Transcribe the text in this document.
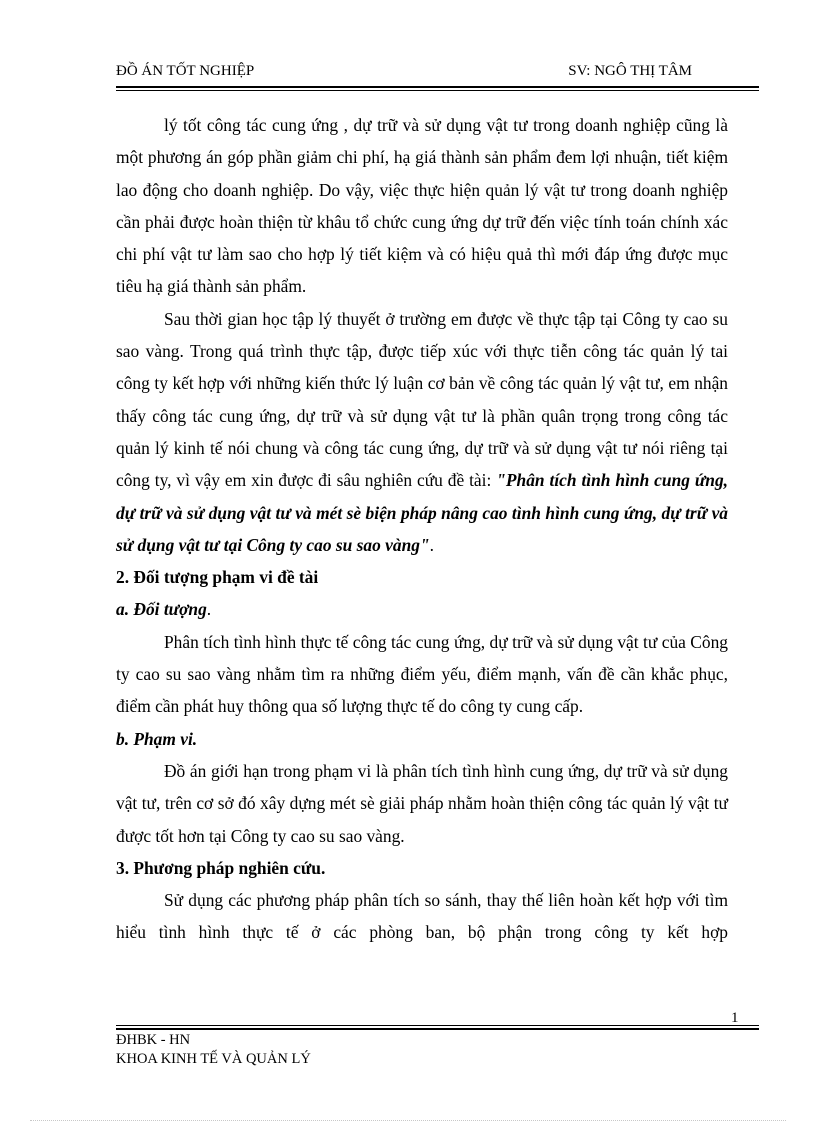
ĐỒ ÁN TỐT NGHIỆP	SV: NGÔ THỊ TÂM

lý tốt công tác cung ứng , dự trữ và sử dụng vật tư trong doanh nghiệp cũng là một phương án góp phần giảm chi phí, hạ giá thành sản phẩm đem lợi nhuận, tiết kiệm lao động cho doanh nghiệp. Do vậy, việc thực hiện quản lý vật tư trong doanh nghiệp cần phải được hoàn thiện từ khâu tổ chức cung ứng dự trữ đến việc tính toán chính xác chi phí vật tư làm sao cho hợp lý tiết kiệm và có hiệu quả thì mới đáp ứng được mục tiêu hạ giá thành sản phẩm.

Sau thời gian học tập lý thuyết ở trường em được về thực tập tại Công ty cao su sao vàng. Trong quá trình thực tập, được tiếp xúc với thực tiễn công tác quản lý tai công ty kết hợp với những kiến thức lý luận cơ bản về công tác quản lý vật tư, em nhận thấy công tác cung ứng, dự trữ và sử dụng vật tư là phần quân trọng trong công tác quản lý kinh tế nói chung và công tác cung ứng, dự trữ và sử dụng vật tư nói riêng tại công ty, vì vậy em xin được đi sâu nghiên cứu đề tài: "Phân tích tình hình cung ứng, dự trữ và sử dụng vật tư và mét sè biện pháp nâng cao tình hình cung ứng, dự trữ và sử dụng vật tư tại Công ty cao su sao vàng".

2. Đối tượng phạm vi đề tài

a. Đối tượng.

Phân tích tình hình thực tế công tác cung ứng, dự trữ và sử dụng vật tư của Công ty cao su sao vàng nhằm tìm ra những điểm yếu, điểm mạnh, vấn đề cần khắc phục, điểm cần phát huy thông qua số lượng thực tế do công ty cung cấp.

b. Phạm vi.

Đồ án giới hạn trong phạm vi là phân tích tình hình cung ứng, dự trữ và sử dụng vật tư, trên cơ sở đó xây dựng mét sè giải pháp nhằm hoàn thiện công tác quản lý vật tư được tốt hơn tại Công ty cao su sao vàng.

3. Phương pháp nghiên cứu.

Sử dụng các phương pháp phân tích so sánh, thay thế liên hoàn kết hợp với tìm hiểu tình hình thực tế ở các phòng ban, bộ phận trong công ty kết hợp

1
ĐHBK - HN
KHOA KINH TẾ VÀ QUẢN LÝ
